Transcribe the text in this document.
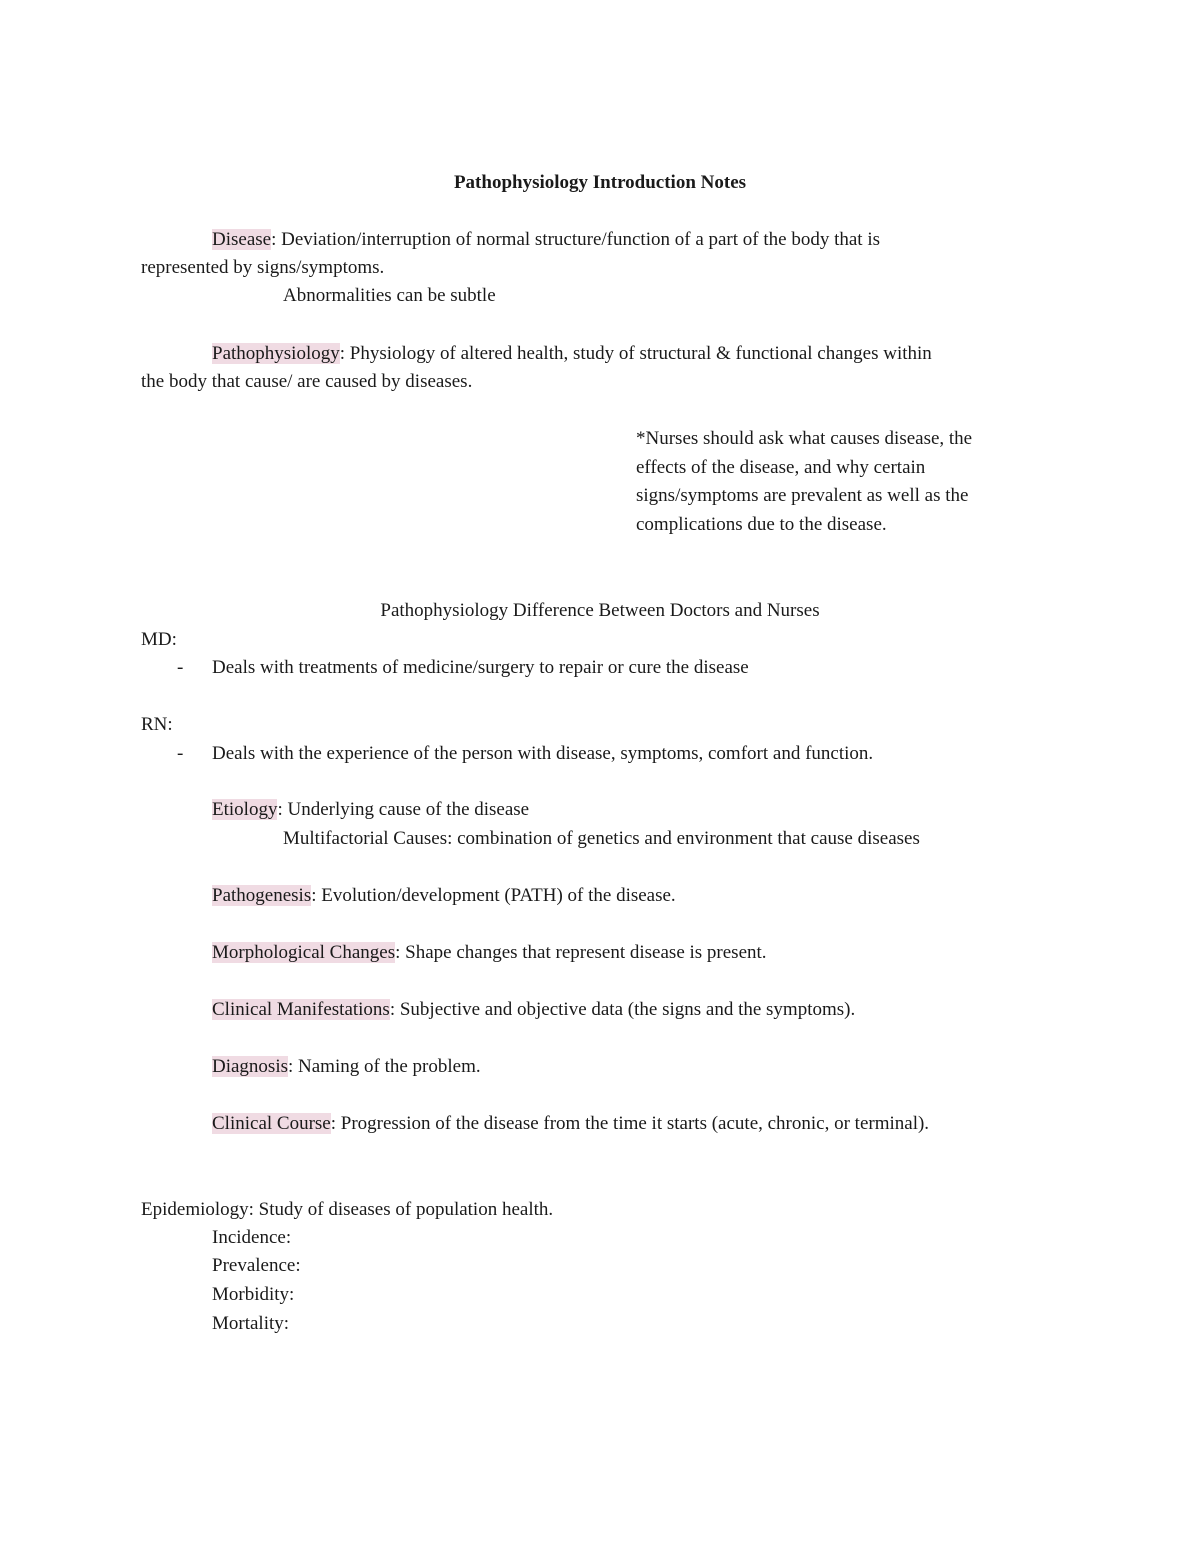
Pathophysiology Introduction Notes
Disease: Deviation/interruption of normal structure/function of a part of the body that is
represented by signs/symptoms.
Abnormalities can be subtle
Pathophysiology: Physiology of altered health, study of structural & functional changes within
the body that cause/ are caused by diseases.
*Nurses should ask what causes disease, the
effects of the disease, and why certain
signs/symptoms are prevalent as well as the
complications due to the disease.
Pathophysiology Difference Between Doctors and Nurses
MD:
- Deals with treatments of medicine/surgery to repair or cure the disease
RN:
- Deals with the experience of the person with disease, symptoms, comfort and function.
Etiology: Underlying cause of the disease
Multifactorial Causes: combination of genetics and environment that cause diseases
Pathogenesis: Evolution/development (PATH) of the disease.
Morphological Changes: Shape changes that represent disease is present.
Clinical Manifestations: Subjective and objective data (the signs and the symptoms).
Diagnosis: Naming of the problem.
Clinical Course: Progression of the disease from the time it starts (acute, chronic, or terminal).
Epidemiology: Study of diseases of population health.
Incidence:
Prevalence:
Morbidity:
Mortality:
